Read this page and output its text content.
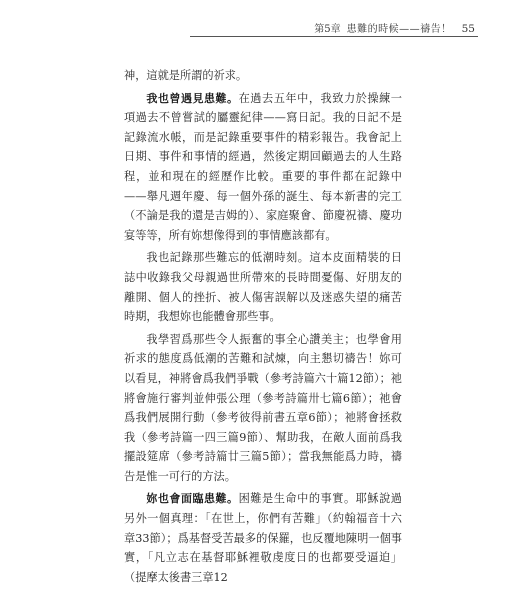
第5章 患難的時候——禱告！ 55

神，這就是所謂的祈求。

我也曾遇見患難。在過去五年中，我致力於操練一項過去不曾嘗試的屬靈紀律——寫日記。我的日記不是記錄流水帳，而是記錄重要事件的精彩報告。我會記上日期、事件和事情的經過，然後定期回顧過去的人生路程，並和現在的經歷作比較。重要的事件都在記錄中——舉凡週年慶、每一個外孫的誕生、每本新書的完工（不論是我的還是吉姆的）、家庭聚會、節慶祝禱、慶功宴等等，所有妳想像得到的事情應該都有。

我也記錄那些難忘的低潮時刻。這本皮面精裝的日誌中收錄我父母親過世所帶來的長時間憂傷、好朋友的離開、個人的挫折、被人傷害誤解以及迷惑失望的痛苦時期，我想妳也能體會那些事。

我學習爲那些令人振奮的事全心讚美主；也學會用祈求的態度爲低潮的苦難和試煉，向主懇切禱告！妳可以看見，神將會爲我們爭戰（參考詩篇六十篇12節）；祂將會施行審判並伸張公理（參考詩篇卅七篇6節）；祂會爲我們展開行動（參考彼得前書五章6節）；祂將會拯救我（參考詩篇一四三篇9節）、幫助我，在敵人面前爲我擺設筵席（參考詩篇廿三篇5節）；當我無能爲力時，禱告是惟一可行的方法。

妳也會面臨患難。困難是生命中的事實。耶穌說過另外一個真理：「在世上，你們有苦難」（約翰福音十六章33節）；爲基督受苦最多的保羅，也反覆地陳明一個事實，「凡立志在基督耶穌裡敬虔度日的也都要受逼迫」（提摩太後書三章12
